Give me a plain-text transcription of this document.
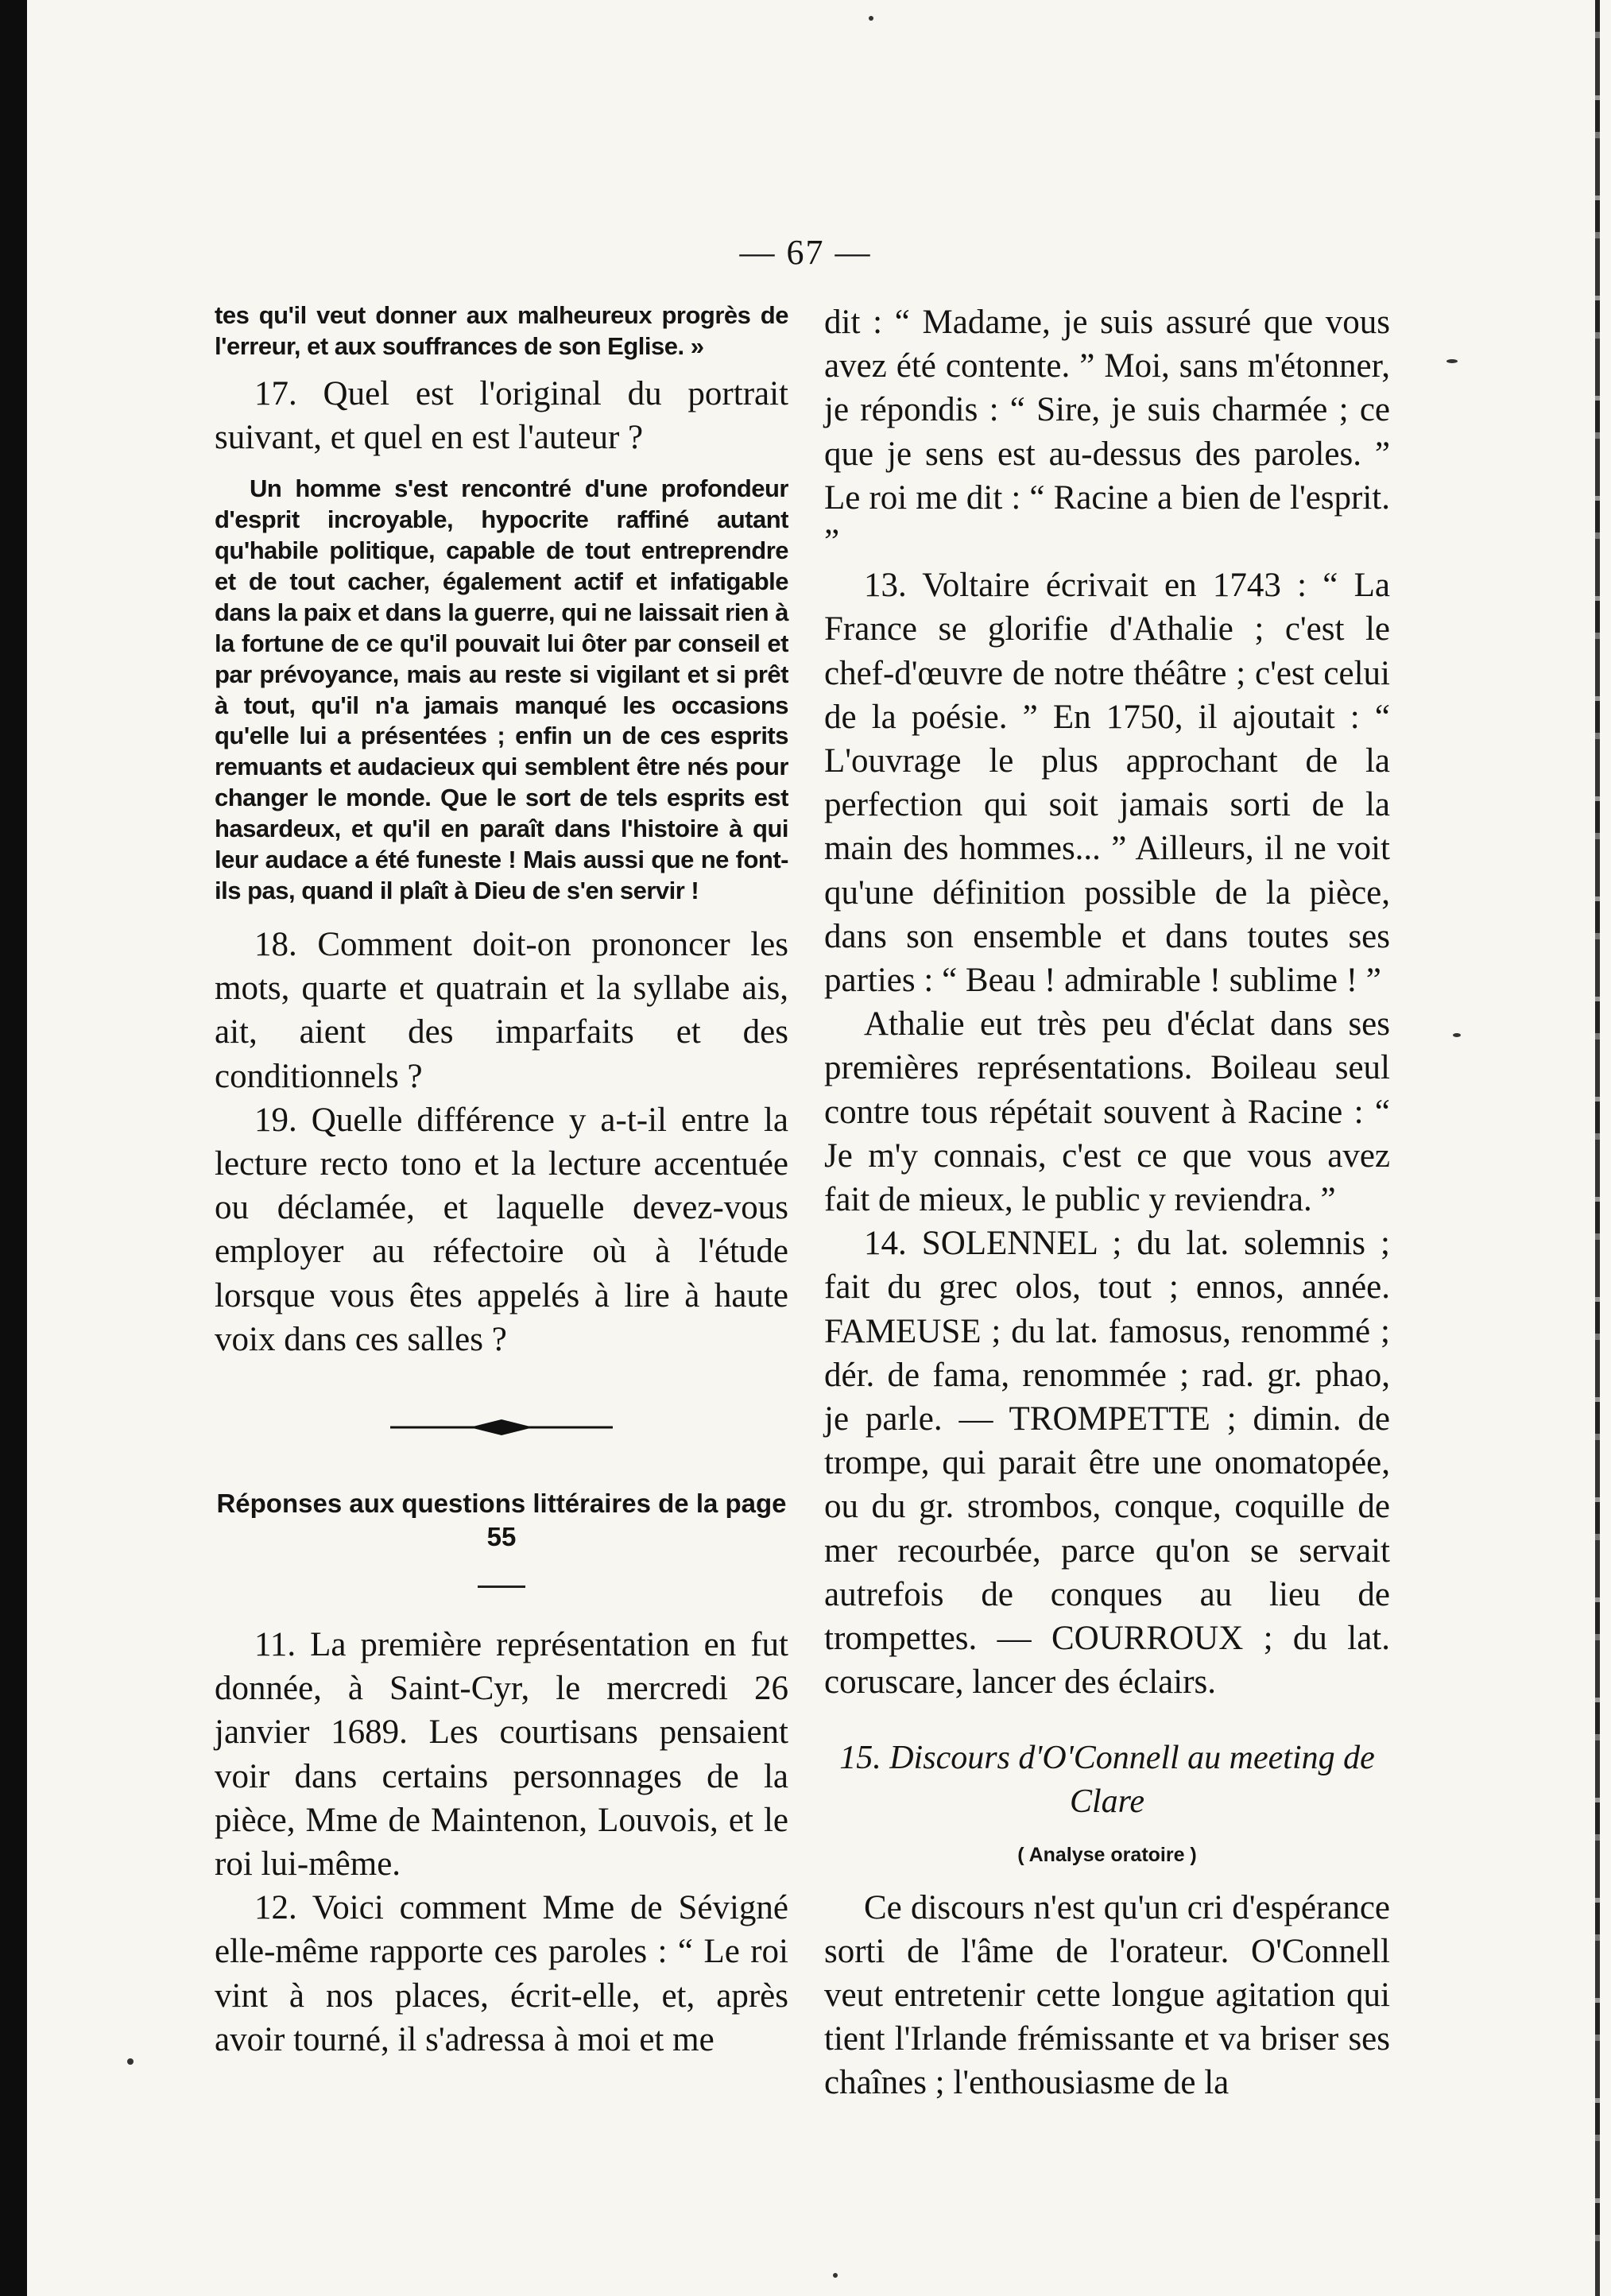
— 67 —

tes qu'il veut donner aux malheureux progrès de l'erreur, et aux souffrances de son Eglise. »

17. Quel est l'original du portrait suivant, et quel en est l'auteur ?

Un homme s'est rencontré d'une profondeur d'esprit incroyable, hypocrite raffiné autant qu'habile politique, capable de tout entreprendre et de tout cacher, également actif et infatigable dans la paix et dans la guerre, qui ne laissait rien à la fortune de ce qu'il pouvait lui ôter par conseil et par prévoyance, mais au reste si vigilant et si prêt à tout, qu'il n'a jamais manqué les occasions qu'elle lui a présentées ; enfin un de ces esprits remuants et audacieux qui semblent être nés pour changer le monde. Que le sort de tels esprits est hasardeux, et qu'il en paraît dans l'histoire à qui leur audace a été funeste ! Mais aussi que ne font-ils pas, quand il plaît à Dieu de s'en servir !

18. Comment doit-on prononcer les mots, quarte et quatrain et la syllabe ais, ait, aient des imparfaits et des conditionnels ?

19. Quelle différence y a-t-il entre la lecture recto tono et la lecture accentuée ou déclamée, et laquelle devez-vous employer au réfectoire où à l'étude lorsque vous êtes appelés à lire à haute voix dans ces salles ?

Réponses aux questions littéraires de la page 55

11. La première représentation en fut donnée, à Saint-Cyr, le mercredi 26 janvier 1689. Les courtisans pensaient voir dans certains personnages de la pièce, Mme de Maintenon, Louvois, et le roi lui-même.

12. Voici comment Mme de Sévigné elle-même rapporte ces paroles : “ Le roi vint à nos places, écrit-elle, et, après avoir tourné, il s'adressa à moi et me

dit : “ Madame, je suis assuré que vous avez été contente. ” Moi, sans m'étonner, je répondis : “ Sire, je suis charmée ; ce que je sens est au-dessus des paroles. ” Le roi me dit : “ Racine a bien de l'esprit. ”

13. Voltaire écrivait en 1743 : “ La France se glorifie d'Athalie ; c'est le chef-d'œuvre de notre théâtre ; c'est celui de la poésie. ” En 1750, il ajoutait : “ L'ouvrage le plus approchant de la perfection qui soit jamais sorti de la main des hommes... ” Ailleurs, il ne voit qu'une définition possible de la pièce, dans son ensemble et dans toutes ses parties : “ Beau ! admirable ! sublime ! ”

Athalie eut très peu d'éclat dans ses premières représentations. Boileau seul contre tous répétait souvent à Racine : “ Je m'y connais, c'est ce que vous avez fait de mieux, le public y reviendra. ”

14. SOLENNEL ; du lat. solemnis ; fait du grec olos, tout ; ennos, année. FAMEUSE ; du lat. famosus, renommé ; dér. de fama, renommée ; rad. gr. phao, je parle. — TROMPETTE ; dimin. de trompe, qui parait être une onomatopée, ou du gr. strombos, conque, coquille de mer recourbée, parce qu'on se servait autrefois de conques au lieu de trompettes. — COURROUX ; du lat. coruscare, lancer des éclairs.

15. Discours d'O'Connell au meeting de Clare
( Analyse oratoire )

Ce discours n'est qu'un cri d'espérance sorti de l'âme de l'orateur. O'Connell veut entretenir cette longue agitation qui tient l'Irlande frémissante et va briser ses chaînes ; l'enthousiasme de la
